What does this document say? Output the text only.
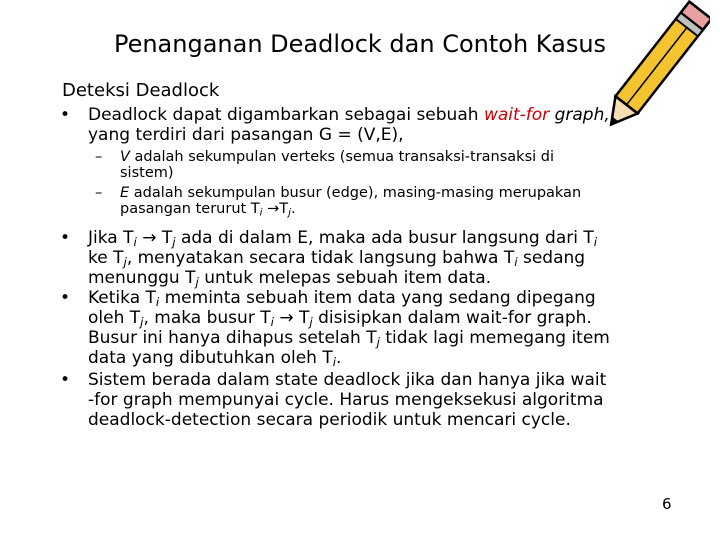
Penanganan Deadlock dan Contoh Kasus
Deteksi Deadlock
• Deadlock dapat digambarkan sebagai sebuah wait-for graph,
yang terdiri dari pasangan G = (V,E),
– V adalah sekumpulan verteks (semua transaksi-transaksi di
sistem)
– E adalah sekumpulan busur (edge), masing-masing merupakan
pasangan terurut $T_i \to T_j$.
• Jika $T_i \to T_j$ ada di dalam E, maka ada busur langsung dari $T_i$
ke $T_j$, menyatakan secara tidak langsung bahwa $T_i$ sedang
menunggu $T_j$ untuk melepas sebuah item data.
• Ketika $T_i$ meminta sebuah item data yang sedang dipegang
oleh $T_j$, maka busur $T_i \to T_j$ disisipkan dalam wait-for graph.
Busur ini hanya dihapus setelah $T_j$ tidak lagi memegang item
data yang dibutuhkan oleh $T_i$.
• Sistem berada dalam state deadlock jika dan hanya jika wait
-for graph mempunyai cycle. Harus mengeksekusi algoritma
deadlock-detection secara periodik untuk mencari cycle.
6
